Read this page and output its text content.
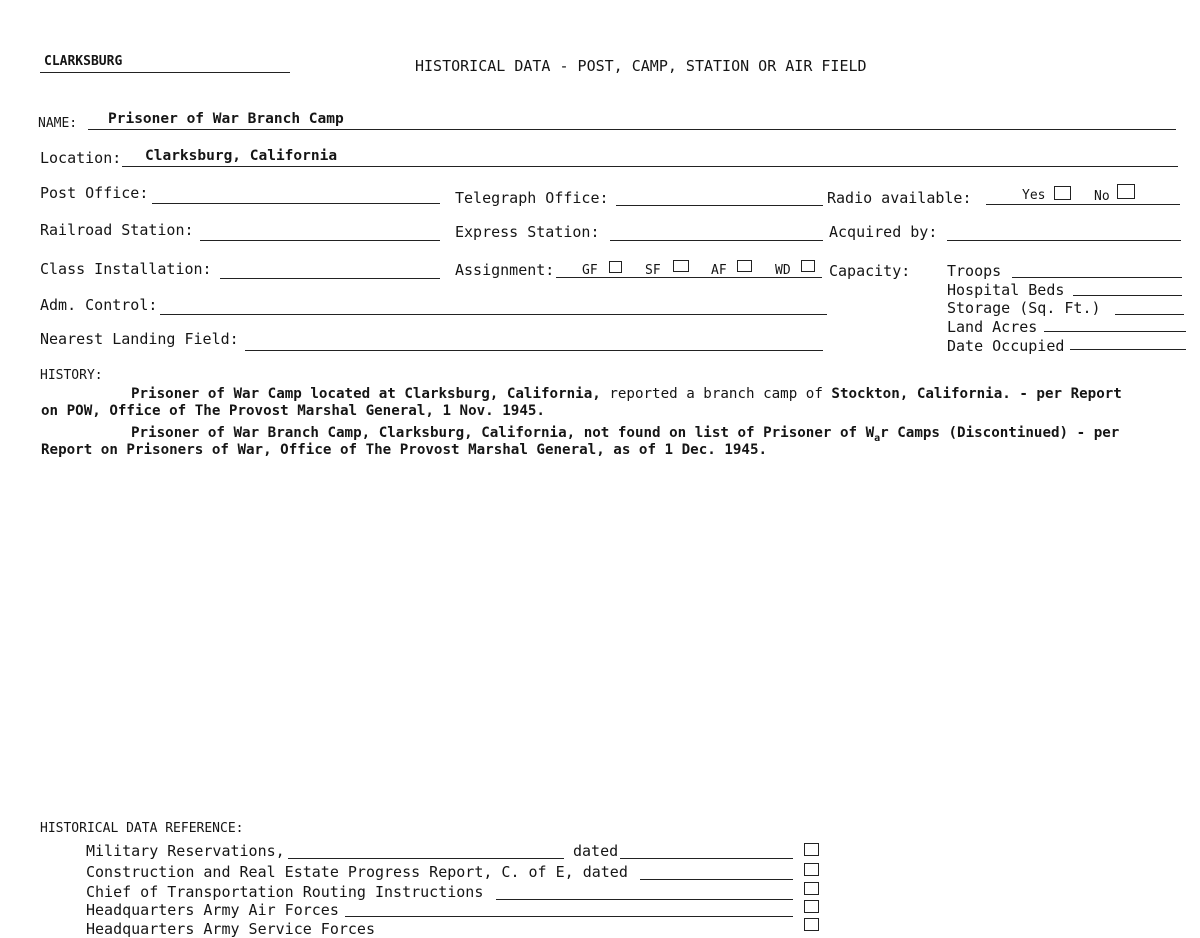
CLARKSBURG	HISTORICAL DATA - POST, CAMP, STATION OR AIR FIELD
NAME: Prisoner of War Branch Camp
Location: Clarksburg, California
Post Office:	Telegraph Office:	Radio available:	Yes	No
Railroad Station:	Express Station:	Acquired by:
Class Installation:	Assignment: GF	SF	AF	WD	Capacity: Troops
Hospital Beds
Storage (Sq. Ft.)
Land Acres
Date Occupied
Adm. Control:
Nearest Landing Field:
HISTORY:
Prisoner of War Camp located at Clarksburg, California, reported a branch camp of Stockton, California. - per Report
on POW, Office of The Provost Marshal General, 1 Nov. 1945.
Prisoner of War Branch Camp, Clarksburg, California, not found on list of Prisoner of $W_ar$ Camps (Discontinued) - per
Report on Prisoners of War, Office of The Provost Marshal General, as of 1 Dec. 1945.
HISTORICAL DATA REFERENCE:
Military Reservations,	dated
Construction and Real Estate Progress Report, C. of E, dated
Chief of Transportation Routing Instructions
Headquarters Army Air Forces
Headquarters Army Service Forces
